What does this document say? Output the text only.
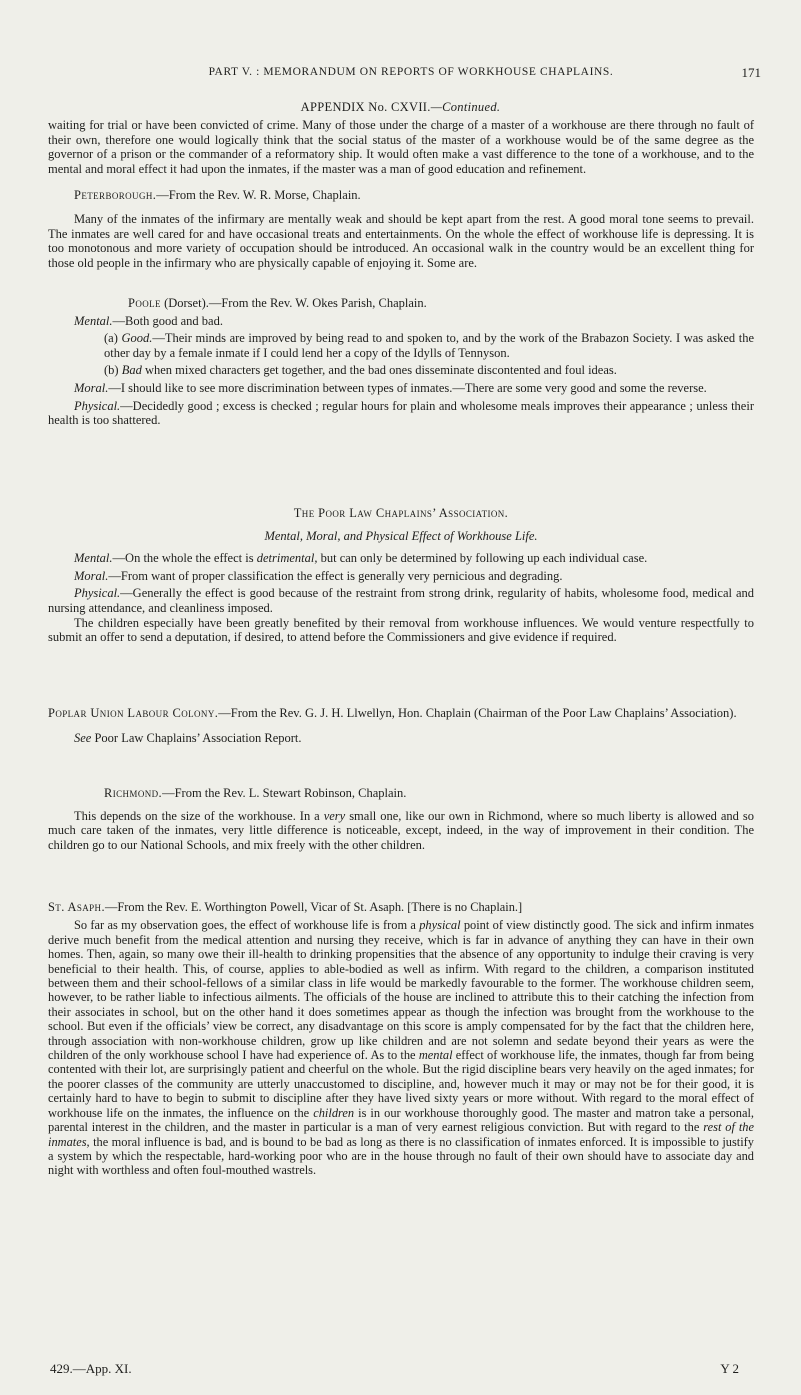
PART V. : MEMORANDUM ON REPORTS OF WORKHOUSE CHAPLAINS.	171
APPENDIX No. CXVII.—Continued.

waiting for trial or have been convicted of crime. Many of those under the charge of a master of a workhouse are there through no fault of their own, therefore one would logically think that the social status of the master of a workhouse would be of the same degree as the governor of a prison or the commander of a reformatory ship. It would often make a vast difference to the tone of a workhouse, and to the mental and moral effect it had upon the inmates, if the master was a man of good education and refinement.

Peterborough.—From the Rev. W. R. Morse, Chaplain.

Many of the inmates of the infirmary are mentally weak and should be kept apart from the rest. A good moral tone seems to prevail. The inmates are well cared for and have occasional treats and entertainments. On the whole the effect of workhouse life is depressing. It is too monotonous and more variety of occupation should be introduced. An occasional walk in the country would be an excellent thing for those old people in the infirmary who are physically capable of enjoying it. Some are.

Poole (Dorset).—From the Rev. W. Okes Parish, Chaplain.

Mental.—Both good and bad.

(a) Good.—Their minds are improved by being read to and spoken to, and by the work of the Brabazon Society. I was asked the other day by a female inmate if I could lend her a copy of the Idylls of Tennyson.

(b) Bad when mixed characters get together, and the bad ones disseminate discontented and foul ideas.

Moral.—I should like to see more discrimination between types of inmates.—There are some very good and some the reverse.

Physical.—Decidedly good ; excess is checked ; regular hours for plain and wholesome meals improves their appearance ; unless their health is too shattered.

The Poor Law Chaplains’ Association.

Mental, Moral, and Physical Effect of Workhouse Life.

Mental.—On the whole the effect is detrimental, but can only be determined by following up each individual case.

Moral.—From want of proper classification the effect is generally very pernicious and degrading.

Physical.—Generally the effect is good because of the restraint from strong drink, regularity of habits, wholesome food, medical and nursing attendance, and cleanliness imposed.

The children especially have been greatly benefited by their removal from workhouse influences. We would venture respectfully to submit an offer to send a deputation, if desired, to attend before the Commissioners and give evidence if required.

Poplar Union Labour Colony.—From the Rev. G. J. H. Llwellyn, Hon. Chaplain (Chairman of the Poor Law Chaplains’ Association).

See Poor Law Chaplains’ Association Report.

Richmond.—From the Rev. L. Stewart Robinson, Chaplain.

This depends on the size of the workhouse. In a very small one, like our own in Richmond, where so much liberty is allowed and so much care taken of the inmates, very little difference is noticeable, except, indeed, in the way of improvement in their condition. The children go to our National Schools, and mix freely with the other children.

St. Asaph.—From the Rev. E. Worthington Powell, Vicar of St. Asaph. [There is no Chaplain.]

So far as my observation goes, the effect of workhouse life is from a physical point of view distinctly good. The sick and infirm inmates derive much benefit from the medical attention and nursing they receive, which is far in advance of anything they can have in their own homes. Then, again, so many owe their ill-health to drinking propensities that the absence of any opportunity to indulge their craving is very beneficial to their health. This, of course, applies to able-bodied as well as infirm. With regard to the children, a comparison instituted between them and their school-fellows of a similar class in life would be markedly favourable to the former. The workhouse children seem, however, to be rather liable to infectious ailments. The officials of the house are inclined to attribute this to their catching the infection from their associates in school, but on the other hand it does sometimes appear as though the infection was brought from the workhouse to the school. But even if the officials’ view be correct, any disadvantage on this score is amply compensated for by the fact that the children here, through association with non-workhouse children, grow up like children and are not solemn and sedate beyond their years as were the children of the only workhouse school I have had experience of. As to the mental effect of workhouse life, the inmates, though far from being contented with their lot, are surprisingly patient and cheerful on the whole. But the rigid discipline bears very heavily on the aged inmates; for the poorer classes of the community are utterly unaccustomed to discipline, and, however much it may or may not be for their good, it is certainly hard to have to begin to submit to discipline after they have lived sixty years or more without. With regard to the moral effect of workhouse life on the inmates, the influence on the children is in our workhouse thoroughly good. The master and matron take a personal, parental interest in the children, and the master in particular is a man of very earnest religious conviction. But with regard to the rest of the inmates, the moral influence is bad, and is bound to be bad as long as there is no classification of inmates enforced. It is impossible to justify a system by which the respectable, hard-working poor who are in the house through no fault of their own should have to associate day and night with worthless and often foul-mouthed wastrels.

429.—App. XI.	Y 2
